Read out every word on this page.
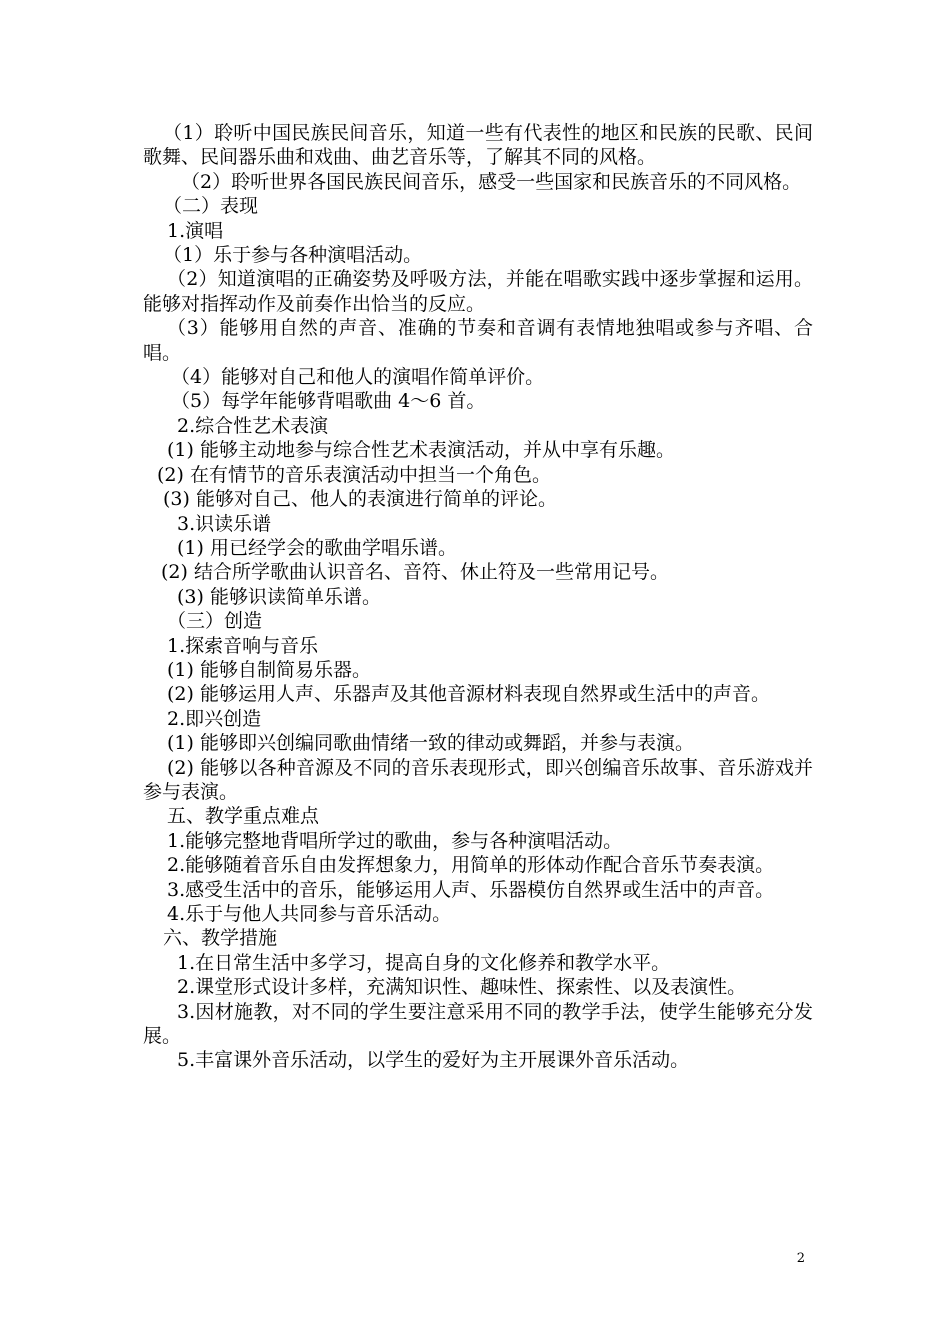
（1）聆听中国民族民间音乐，知道一些有代表性的地区和民族的民歌、民间歌舞、民间器乐曲和戏曲、曲艺音乐等，了解其不同的风格。

（2）聆听世界各国民族民间音乐，感受一些国家和民族音乐的不同风格。

（二）表现

1.演唱

（1）乐于参与各种演唱活动。

（2）知道演唱的正确姿势及呼吸方法，并能在唱歌实践中逐步掌握和运用。能够对指挥动作及前奏作出恰当的反应。

（3）能够用自然的声音、准确的节奏和音调有表情地独唱或参与齐唱、合唱。

（4）能够对自己和他人的演唱作简单评价。

（5）每学年能够背唱歌曲 4～6 首。

2.综合性艺术表演

(1) 能够主动地参与综合性艺术表演活动，并从中享有乐趣。

(2) 在有情节的音乐表演活动中担当一个角色。

(3) 能够对自己、他人的表演进行简单的评论。

3.识读乐谱

(1) 用已经学会的歌曲学唱乐谱。

(2) 结合所学歌曲认识音名、音符、休止符及一些常用记号。

(3) 能够识读简单乐谱。

（三）创造

1.探索音响与音乐

(1) 能够自制简易乐器。

(2) 能够运用人声、乐器声及其他音源材料表现自然界或生活中的声音。

2.即兴创造

(1) 能够即兴创编同歌曲情绪一致的律动或舞蹈，并参与表演。

(2) 能够以各种音源及不同的音乐表现形式，即兴创编音乐故事、音乐游戏并参与表演。

五、教学重点难点

1.能够完整地背唱所学过的歌曲，参与各种演唱活动。

2.能够随着音乐自由发挥想象力，用简单的形体动作配合音乐节奏表演。

3.感受生活中的音乐，能够运用人声、乐器模仿自然界或生活中的声音。

4.乐于与他人共同参与音乐活动。

六、教学措施

1.在日常生活中多学习，提高自身的文化修养和教学水平。

2.课堂形式设计多样，充满知识性、趣味性、探索性、以及表演性。

3.因材施教，对不同的学生要注意采用不同的教学手法，使学生能够充分发展。

5.丰富课外音乐活动，以学生的爱好为主开展课外音乐活动。

2
